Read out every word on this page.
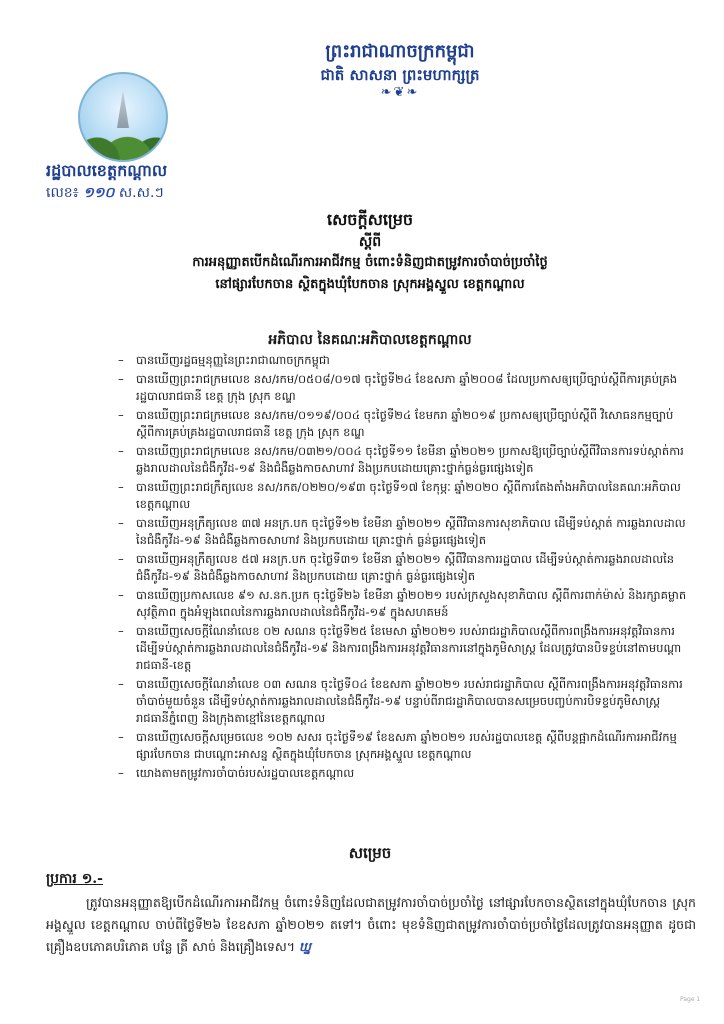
ព្រះរាជាណាចក្រកម្ពុជា
ជាតិ សាសនា ព្រះមហាក្សត្រ
❧❦❧
រដ្ឋបាលខេត្តកណ្តាល
លេខ៖ ១១០ ស.ស.ៗ
សេចក្តីសម្រេច
ស្តីពី
ការអនុញ្ញាតបើកដំណើរការអាជីវកម្ម ចំពោះទំនិញជាតម្រូវការចាំបាច់ប្រចាំថ្ងៃ
នៅផ្សារបែកចាន ស្ថិតក្នុងឃុំបែកចាន ស្រុកអង្គស្នួល ខេត្តកណ្តាល
អភិបាល នៃគណៈអភិបាលខេត្តកណ្តាល
– បានឃើញរដ្ឋធម្មនុញ្ញនៃព្រះរាជាណាចក្រកម្ពុជា
– បានឃើញព្រះរាជក្រមលេខ នស/រកម/០៥០៨/០១៧ ចុះថ្ងៃទី២៤ ខែឧសភា ឆ្នាំ២០០៨ ដែលប្រកាសឲ្យប្រើច្បាប់ស្តីពីការគ្រប់គ្រងរដ្ឋបាលរាជធានី ខេត្ត ក្រុង ស្រុក ខណ្ឌ
– បានឃើញព្រះរាជក្រមលេខ នស/រកម/០១១៩/០០៤ ចុះថ្ងៃទី២៤ ខែមករា ឆ្នាំ២០១៩ ប្រកាសឲ្យប្រើច្បាប់ស្តីពី វិសោធនកម្មច្បាប់ ស្តីពីការគ្រប់គ្រងរដ្ឋបាលរាជធានី ខេត្ត ក្រុង ស្រុក ខណ្ឌ
– បានឃើញព្រះរាជក្រមលេខ នស/រកម/០៣២១/០០៤ ចុះថ្ងៃទី១១ ខែមីនា ឆ្នាំ២០២១ ប្រកាសឱ្យប្រើច្បាប់ស្តីពីវិធានការទប់ស្កាត់ការឆ្លងរាលដាលនៃជំងឺកូវីដ-១៩ និងជំងឺឆ្លងកាចសាហាវ និងប្រកបដោយគ្រោះថ្នាក់ធ្ងន់ធ្ងរផ្សេងទៀត
– បានឃើញព្រះរាជក្រឹត្យលេខ នស/រកត/០២២០/១៩៣ ចុះថ្ងៃទី១៧ ខែកុម្ភៈ ឆ្នាំ២០២០ ស្តីពីការតែងតាំងអភិបាលនៃគណៈអភិបាលខេត្តកណ្តាល
– បានឃើញអនុក្រឹត្យលេខ ៣៧ អនក្រ.បក ចុះថ្ងៃទី១២ ខែមីនា ឆ្នាំ២០២១ ស្តីពីវិធានការសុខាភិបាល ដើម្បីទប់ស្កាត់ ការឆ្លងរាលដាលនៃជំងឺកូវីដ-១៩ និងជំងឺឆ្លងកាចសាហាវ និងប្រកបដោយ គ្រោះថ្នាក់ ធ្ងន់ធ្ងរផ្សេងទៀត
– បានឃើញអនុក្រឹត្យលេខ ៥៧ អនក្រ.បក ចុះថ្ងៃទី៣១ ខែមីនា ឆ្នាំ២០២១ ស្តីពីវិធានការរដ្ឋបាល ដើម្បីទប់ស្កាត់ការឆ្លងរាលដាលនៃជំងឺកូវីដ-១៩ និងជំងឺឆ្លងកាចសាហាវ និងប្រកបដោយ គ្រោះថ្នាក់ ធ្ងន់ធ្ងរផ្សេងទៀត
– បានឃើញប្រកាសលេខ ៩១ ស.នក.ប្រក ចុះថ្ងៃទី២៦ ខែមីនា ឆ្នាំ២០២១ របស់ក្រសួងសុខាភិបាល ស្តីពីការពាក់ម៉ាស់ និងរក្សាគម្លាតសុវត្ថិភាព ក្នុងអំឡុងពេលនៃការឆ្លងរាលដាលនៃជំងឺកូវីដ-១៩ ក្នុងសហគមន៍
– បានឃើញសេចក្តីណែនាំលេខ ០២ សណន ចុះថ្ងៃទី២៥ ខែមេសា ឆ្នាំ២០២១ របស់រាជរដ្ឋាភិបាលស្តីពីការពង្រឹងការអនុវត្តវិធានការដើម្បីទប់ស្កាត់ការឆ្លងរាលដាលនៃជំងឺកូវីដ-១៩ និងការពង្រឹងការអនុវត្តវិធានការនៅក្នុងភូមិសាស្ត្រ ដែលត្រូវបានបិទខ្ទប់នៅតាមបណ្តារាជធានី-ខេត្ត
– បានឃើញសេចក្តីណែនាំលេខ ០៣ សណន ចុះថ្ងៃទី០៤ ខែឧសភា ឆ្នាំ២០២១ របស់រាជរដ្ឋាភិបាល ស្តីពីការពង្រឹងការអនុវត្តវិធានការចាំបាច់មួយចំនួន ដើម្បីទប់ស្កាត់ការឆ្លងរាលដាលនៃជំងឺកូវីដ-១៩ បន្ទាប់ពីរាជរដ្ឋាភិបាលបានសម្រេចបញ្ចប់ការបិទខ្ទប់ភូមិសាស្ត្ររាជធានីភ្នំពេញ និងក្រុងតាខ្មៅនៃខេត្តកណ្តាល
– បានឃើញសេចក្តីសម្រេចលេខ ១០២ សសរ ចុះថ្ងៃទី១៩ ខែឧសភា ឆ្នាំ២០២១ របស់រដ្ឋបាលខេត្ត ស្តីពីបន្តផ្អាកដំណើរការអាជីវកម្មផ្សារបែកចាន ជាបណ្តោះអាសន្ន ស្ថិតក្នុងឃុំបែកចាន ស្រុកអង្គស្នួល ខេត្តកណ្តាល
– យោងតាមតម្រូវការចាំបាច់របស់រដ្ឋបាលខេត្តកណ្តាល
សម្រេច
ប្រការ ១.-

ត្រូវបានអនុញ្ញាតឱ្យបើកដំណើរការអាជីវកម្ម ចំពោះទំនិញដែលជាតម្រូវការចាំបាច់ប្រចាំថ្ងៃ នៅផ្សារបែកចានស្ថិតនៅក្នុងឃុំបែកចាន ស្រុកអង្គស្នួល ខេត្តកណ្តាល ចាប់ពីថ្ងៃទី២៦ ខែឧសភា ឆ្នាំ២០២១ តទៅ។ ចំពោះ មុខទំនិញជាតម្រូវការចាំបាច់ប្រចាំថ្ងៃដែលត្រូវបានអនុញ្ញាត ដូចជា គ្រឿងឧបភោគបរិភោគ បន្លែ ត្រី សាច់ និងគ្រឿងទេស។ ឃ្ន

Page 1
